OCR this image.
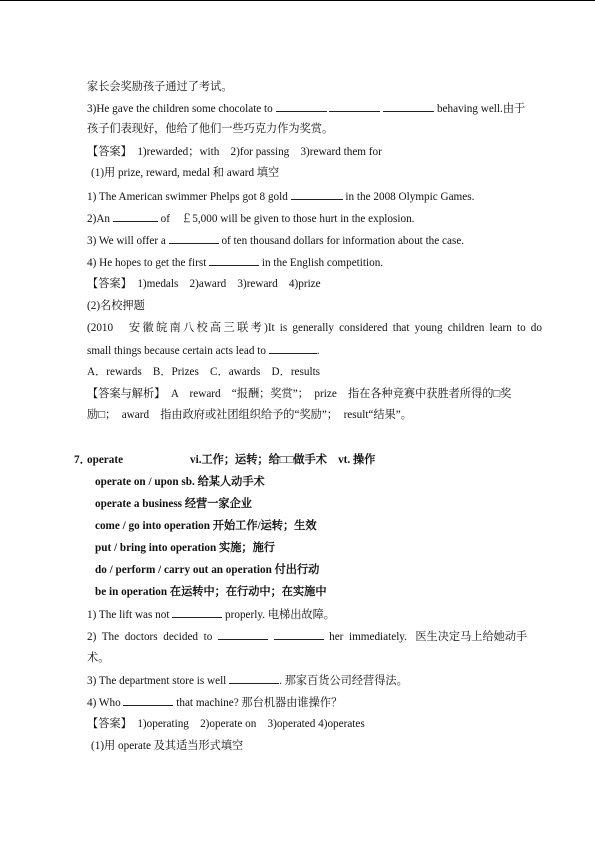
家长会奖励孩子通过了考试。
3)He gave the children some chocolate to	behaving well.由于
孩子们表现好，他给了他们一些巧克力作为奖赏。
【答案】　1)rewarded；with　2)for passing　3)reward them for
(1)用 prize, reward, medal 和 award 填空
1) The American swimmer Phelps got 8 gold	in the 2008 Olympic Games.
2)An	of　￡5,000 will be given to those hurt in the explosion.
3) We will offer a	of ten thousand dollars for information about the case.
4) He hopes to get the first	in the English competition.
【答案】　1)medals　2)award　3)reward　4)prize
(2)名校押题
(2010　安徽皖南八校高三联考)It is generally considered that young children learn to do
small things because certain acts lead to	.
A．rewards　B．Prizes　C．awards　D．results
【答案与解析】　A　reward　“报酬；奖赏”；　prize　指在各种竞赛中获胜者所得的□奖
励□；　award　指由政府或社团组织给予的“奖励”；　result“结果”。
7．
operate	vi.工作；运转；给□□做手术　vt. 操作
operate on / upon sb. 给某人动手术
operate a business 经营一家企业
come / go into operation 开始工作/运转；生效
put / bring into operation 实施；施行
do / perform / carry out an operation 付出行动
be in operation 在运转中；在行动中；在实施中
1) The lift was not	properly. 电梯出故障。
2)  The  doctors  decided  to	her  immediately.   医生决定马上给她动手
术。
3) The department store is well	. 那家百货公司经营得法。
4) Who	that machine? 那台机器由谁操作？
【答案】　1)operating　2)operate on　3)operated 4)operates
(1)用 operate 及其适当形式填空
